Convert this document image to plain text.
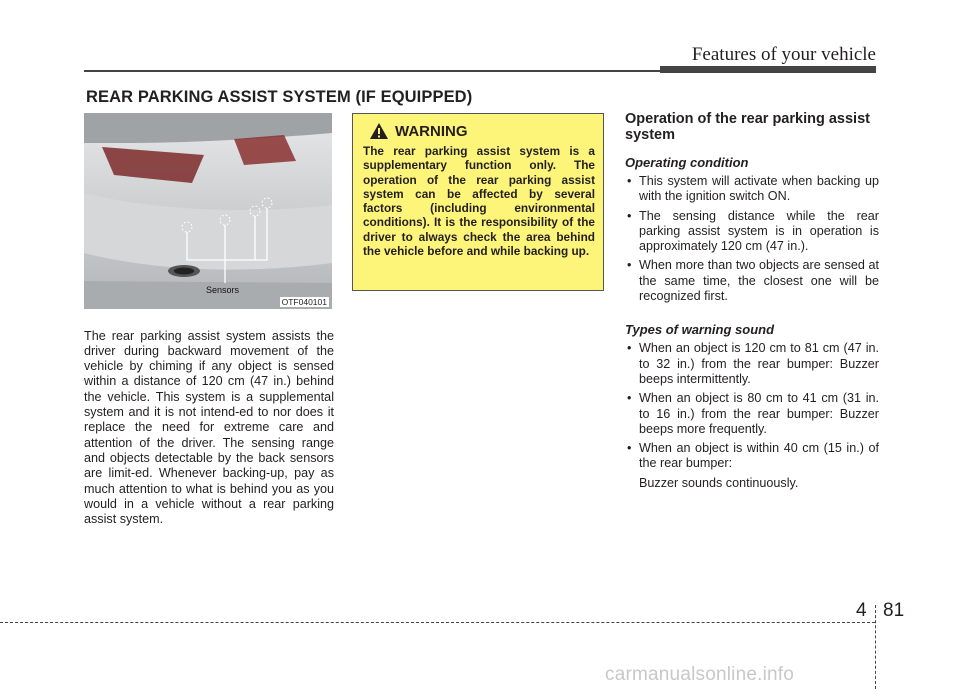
Features of your vehicle
REAR PARKING ASSIST SYSTEM (IF EQUIPPED)
Sensors
OTF040101

The rear parking assist system assists the driver during backward movement of the vehicle by chiming if any object is sensed within a distance of 120 cm (47 in.) behind the vehicle. This system is a supplemental system and it is not intend-ed to nor does it replace the need for extreme care and attention of the driver. The sensing range and objects detectable by the back sensors are limit-ed. Whenever backing-up, pay as much attention to what is behind you as you would in a vehicle without a rear parking assist system.

WARNING
The rear parking assist system is a supplementary function only. The operation of the rear parking assist system can be affected by several factors (including environmental conditions). It is the responsibility of the driver to always check the area behind the vehicle before and while backing up.
Operation of the rear parking assist system
Operating condition
• This system will activate when backing up with the ignition switch ON.
• The sensing distance while the rear parking assist system is in operation is approximately 120 cm (47 in.).
• When more than two objects are sensed at the same time, the closest one will be recognized first.
Types of warning sound
• When an object is 120 cm to 81 cm (47 in. to 32 in.) from the rear bumper: Buzzer beeps intermittently.
• When an object is 80 cm to 41 cm (31 in. to 16 in.) from the rear bumper: Buzzer beeps more frequently.
• When an object is within 40 cm (15 in.) of the rear bumper:
Buzzer sounds continuously.
4 81
carmanualsonline.info
